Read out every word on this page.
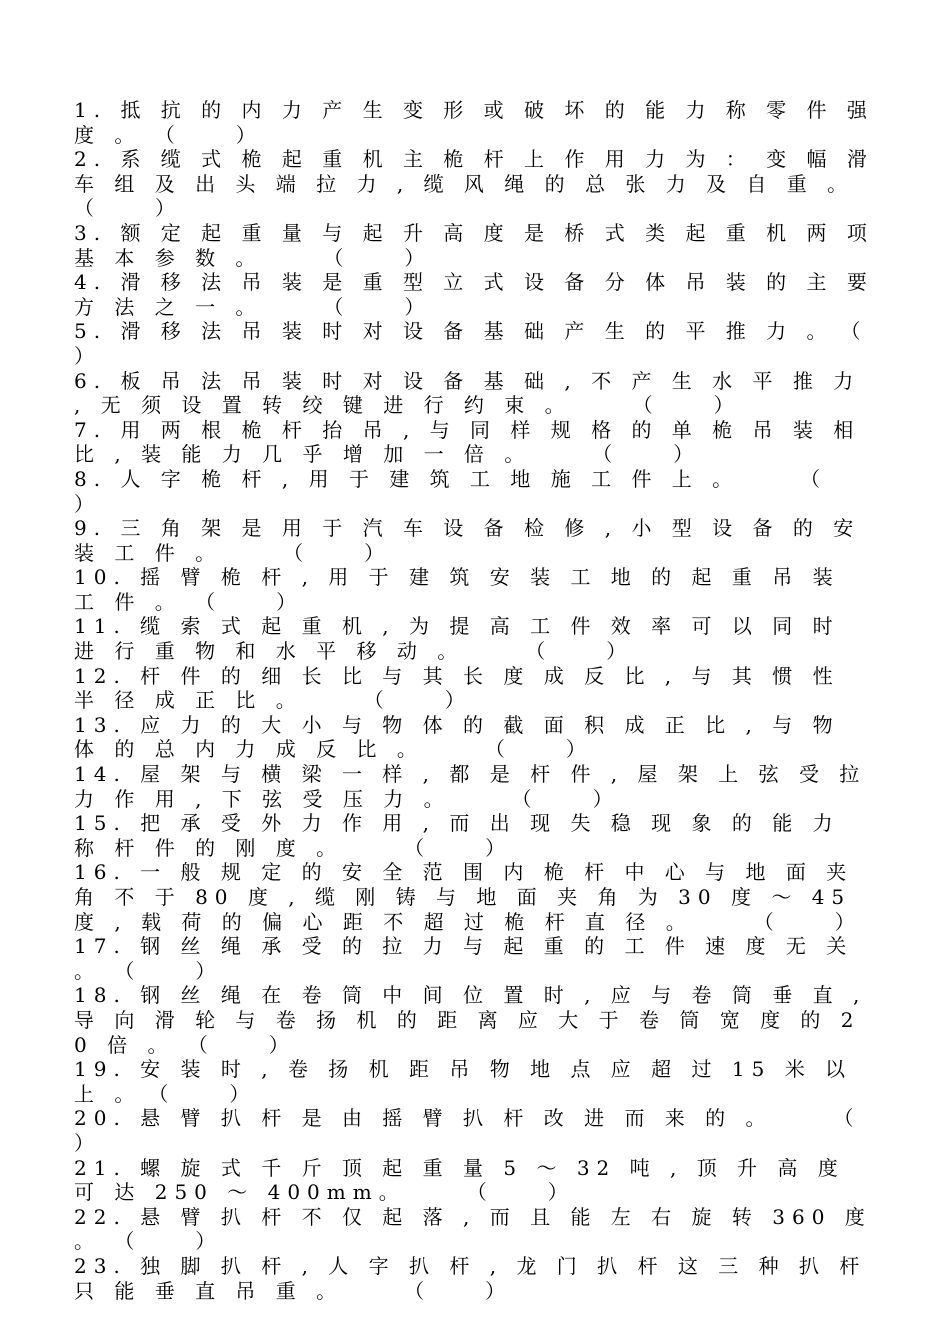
1. 抵 抗 的 内 力 产 生 变 形 或 破 坏 的 能 力 称 零 件 强 度 。 （　　）

2. 系 缆 式 桅 起 重 机 主 桅 杆 上 作 用 力 为 ： 变 幅 滑 车 组 及 出 头 端 拉 力 , 缆 风 绳 的 总 张 力 及 自 重 。　　　（　　）

3. 额 定 起 重 量 与 起 升 高 度 是 桥 式 类 起 重 机 两 项 基 本 参 数 。　　　（　　）

4. 滑 移 法 吊 装 是 重 型 立 式 设 备 分 体 吊 装 的 主 要 方 法 之 一 。　　　（　　）

5. 滑 移 法 吊 装 时 对 设 备 基 础 产 生 的 平 推 力 。　（　　）

6. 板 吊 法 吊 装 时 对 设 备 基 础 , 不 产 生 水 平 推 力 , 无 须 设 置 转 绞 键 进 行 约 束 。　　　（　　）

7. 用 两 根 桅 杆 抬 吊 , 与 同 样 规 格 的 单 桅 吊 装 相 比 , 装 能 力 几 乎 增 加 一 倍 。　　　（　　）

8. 人 字 桅 杆 , 用 于 建 筑 工 地 施 工 件 上 。　　　（　　）

9. 三 角 架 是 用 于 汽 车 设 备 检 修 , 小 型 设 备 的 安 装 工 件 。　　　（　　）

10. 摇 臂 桅 杆 , 用 于 建 筑 安 装 工 地 的 起 重 吊 装 工 件 。 （　　）

11. 缆 索 式 起 重 机 , 为 提 高 工 件 效 率 可 以 同 时 进 行 重 物 和 水 平 移 动 。　　　（　　）

12. 杆 件 的 细 长 比 与 其 长 度 成 反 比 , 与 其 惯 性 半 径 成 正 比 。　　　（　　）

13. 应 力 的 大 小 与 物 体 的 截 面 积 成 正 比 , 与 物 体 的 总 内 力 成 反 比 。　　　（　　）

14. 屋 架 与 横 梁 一 样 , 都 是 杆 件 , 屋 架 上 弦 受 拉 力 作 用 , 下 弦 受 压 力 。　　　（　　）

15. 把 承 受 外 力 作 用 , 而 出 现 失 稳 现 象 的 能 力 称 杆 件 的 刚 度 。　　　（　　）

16. 一 般 规 定 的 安 全 范 围 内 桅 杆 中 心 与 地 面 夹 角 不 于 80 度 , 缆 刚 铸 与 地 面 夹 角 为 30 度 ～ 45 度 , 载 荷 的 偏 心 距 不 超 过 桅 杆 直 径 。　　　（　　）

17. 钢 丝 绳 承 受 的 拉 力 与 起 重 的 工 件 速 度 无 关 。 （　　）

18. 钢 丝 绳 在 卷 筒 中 间 位 置 时 , 应 与 卷 筒 垂 直 , 导 向 滑 轮 与 卷 扬 机 的 距 离 应 大 于 卷 筒 宽 度 的 20 倍 。 （　　）

19. 安 装 时 , 卷 扬 机 距 吊 物 地 点 应 超 过 15 米 以 上 。　（　　）

20. 悬 臂 扒 杆 是 由 摇 臂 扒 杆 改 进 而 来 的 。　　　（　　）

21. 螺 旋 式 千 斤 顶 起 重 量 5 ～ 32 吨 , 顶 升 高 度 可 达 250 ～ 400mm。　　　（　　）

22. 悬 臂 扒 杆 不 仅 起 落 , 而 且 能 左 右 旋 转 360 度 。 （　　）

23. 独 脚 扒 杆 , 人 字 扒 杆 , 龙 门 扒 杆 这 三 种 扒 杆 只 能 垂 直 吊 重 。　　　（　　）
